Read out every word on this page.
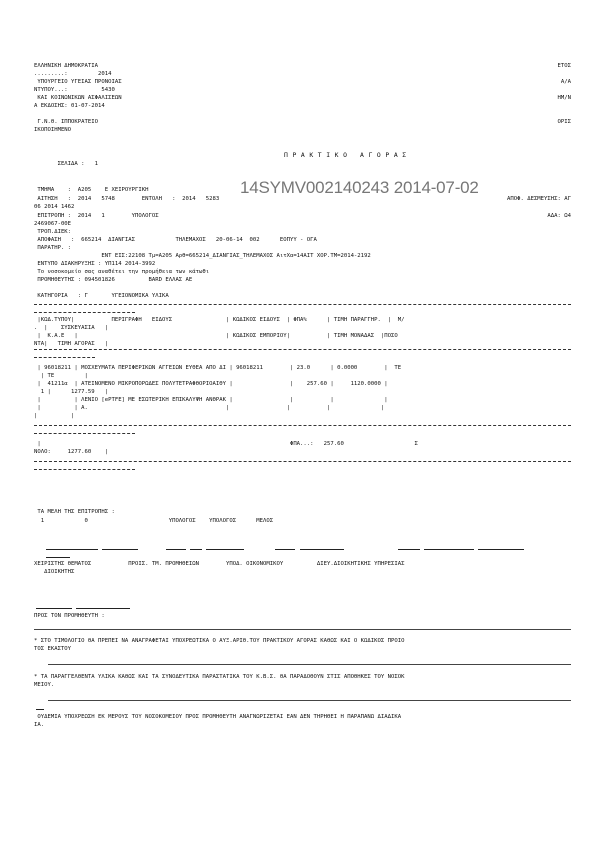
ΕΛΛΗΝΙΚΗ ΔΗΜΟΚΡΑΤΙΑ	ΕΤΟΣ
.........:         2014
ΥΠΟΥΡΓΕΙΟ ΥΓΕΙΑΣ ΠΡΟΝΟΙΑΣ	Α/Α
ΝΤΥΠΟΥ...:          5430
ΚΑΙ ΚΟΙΝΩΝΙΚΩΝ ΑΣΦΑΛΙΣΕΩΝ	ΗΜ/Ν
Α ΕΚΔΟΣΗΣ: 01-07-2014
Γ.Ν.Θ. ΙΠΠΟΚΡΑΤΕΙΟ	ΟΡΙΣ
ΙΚΟΠΟΙΗΜΕΝΟ
ΠΡΑΚΤΙΚΟ ΑΓΟΡΑΣ
ΣΕΛΙΔΑ :   1
14SYMV002140243 2014-07-02
ΤΜΗΜΑ    :  Α205    Ε ΧΕΙΡΟΥΡΓΙΚΗ
ΑΙΤΗΣΗ   :  2014   5748        ΕΝΤΟΛΗ   :  2014   5283	ΑΠΟΦ. ΔΕΣΜΕΥΣΗΣ: ΑΓ
06 2014 1462
ΕΠΙΤΡΟΠΗ :  2014   1        ΥΠΟΛΟΓΟΣ	ΑΔΑ: Ω4
2469067-00Ε
ΤΡΟΠ.ΔΙΕΚ:
ΑΠΟΦΑΣΗ   :  665214  ΔΙΑΝΓΙΑΣ            ΤΗΛΕΜΑΧΟΣ   20-06-14  002      ΕΟΠΥΥ - ΟΓΑ
ΠΑΡΑΤΗΡ. :
ΕΝΤ ΕΙΣ:22108 Τμ=Α205 Αρθ=665214_ΔΙΑΝΓΙΑΣ_ΤΗΛΕΜΑΧΟΣ ΑιτΧα=14ΑΙΤ ΧΟΡ.ΤΜ=2014-2192
ΕΝΤΥΠΟ ΔΙΑΚΗΡΥΞΗΣ : ΥΠ114 2014-3992
Το νοσοκομείο σας αναθέτει την προμήθεια των κάτωθι
ΠΡΟΜΗΘΕΥΤΗΣ : 094501826          BARD ΕΛΛΑΣ ΑΕ
ΚΑΤΗΓΟΡΙΑ   : Γ       ΥΓΕΙΟΝΟΜΙΚΑ ΥΛΙΚΑ
|ΚΩΔ.ΤΥΠΟΥ|           ΠΕΡΙΓΡΑΦΗ   ΕΙΔΟΥΣ                | ΚΩΔΙΚΟΣ ΕΙΔΟΥΣ  | ΦΠΑ%      | ΤΙΜΗ ΠΑΡΑΓΓΗΡ.  |  Μ/
.  |    ΣΥΣΚΕΥΑΣΙΑ   |
|  Κ.Α.Ε   |                                            | ΚΩΔΙΚΟΣ ΕΜΠΟΡΙΟΥ|           | ΤΙΜΗ ΜΟΝΑΔΑΣ  |ΠΟΣΟ
ΝΤΑ|   ΤΙΜΗ ΑΓΟΡΑΣ   |
| 96018211 | ΜΟΣΧΕΥΜΑΤΑ ΠΕΡΙΦΕΡΙΚΩΝ ΑΓΓΕΙΩΝ ΕΥΘΕΑ ΑΠΟ ΔΙ | 96018211        | 23.0      | 0.0000        |  ΤΕ
| ΤΕ         |
|  41211α  | ΑΤΕΙΝΟΜΕΝΟ ΜΙΚΡΟΠΟΡΩΔΕΣ ΠΟΛΥΤΕΤΡΑΦΘΟΡΙΟΑΙΘΥ |                 |    257.60 |     1120.0000 |
1 |      1277.59   |
|          | ΛΕΝΙΟ [ePTFE] ΜΕ ΕΣΩΤΕΡΙΚΗ ΕΠΙΚΑΛΥΨΗ ΑΝΘΡΑΚ |                 |           |               |
|          | Α.                                         |                 |           |               |
|          |
|                                                                          ΦΠΑ...:   257.60                     Σ
ΝΟΛΟ:     1277.60    |
ΤΑ ΜΕΛΗ ΤΗΣ ΕΠΙΤΡΟΠΗΣ :
1            0                        ΥΠΟΛΟΓΟΣ    ΥΠΟΛΟΓΟΣ      ΜΕΛΟΣ
ΧΕΙΡΙΣΤΗΣ ΘΕΜΑΤΟΣ           ΠΡΟΙΣ. ΤΜ. ΠΡΟΜΗΘΕΙΩΝ        ΥΠΟΔ. ΟΙΚΟΝΟΜΙΚΟΥ          ΔΙΕΥ.ΔΙΟΙΚΗΤΙΚΗΣ ΥΠΗΡΕΣΙΑΣ
ΔΙΟΙΚΗΤΗΣ
ΠΡΟΣ ΤΟΝ ΠΡΟΜΗΘΕΥΤΗ :
* ΣΤΟ ΤΙΜΟΛΟΓΙΟ ΘΑ ΠΡΕΠΕΙ ΝΑ ΑΝΑΓΡΑΦΕΤΑΙ ΥΠΟΧΡΕΩΤΙΚΑ Ο ΑΥΞ.ΑΡΙΘ.ΤΟΥ ΠΡΑΚΤΙΚΟΥ ΑΓΟΡΑΣ ΚΑΘΩΣ ΚΑΙ Ο ΚΩΔΙΚΟΣ ΠΡΟΙΟ
ΤΟΣ ΕΚΑΣΤΟΥ
* ΤΑ ΠΑΡΑΓΓΕΛΘΕΝΤΑ ΥΛΙΚΑ ΚΑΘΩΣ ΚΑΙ ΤΑ ΣΥΝΟΔΕΥΤΙΚΑ ΠΑΡΑΣΤΑΤΙΚΑ ΤΟΥ Κ.Β.Σ. ΘΑ ΠΑΡΑΔΟΘΟΥΝ ΣΤΙΣ ΑΠΟΘΗΚΕΣ ΤΟΥ ΝΟΣΟΚ
ΜΕΙΟΥ.
ΟΥΔΕΜΙΑ ΥΠΟΧΡΕΩΣΗ ΕΚ ΜΕΡΟΥΣ ΤΟΥ ΝΟΣΟΚΟΜΕΙΟΥ ΠΡΟΣ ΠΡΟΜΗΘΕΥΤΗ ΑΝΑΓΝΩΡΙΖΕΤΑΙ ΕΑΝ ΔΕΝ ΤΗΡΗΘΕΙ Η ΠΑΡΑΠΑΝΩ ΔΙΑΔΙΚΑ
ΙΑ.
